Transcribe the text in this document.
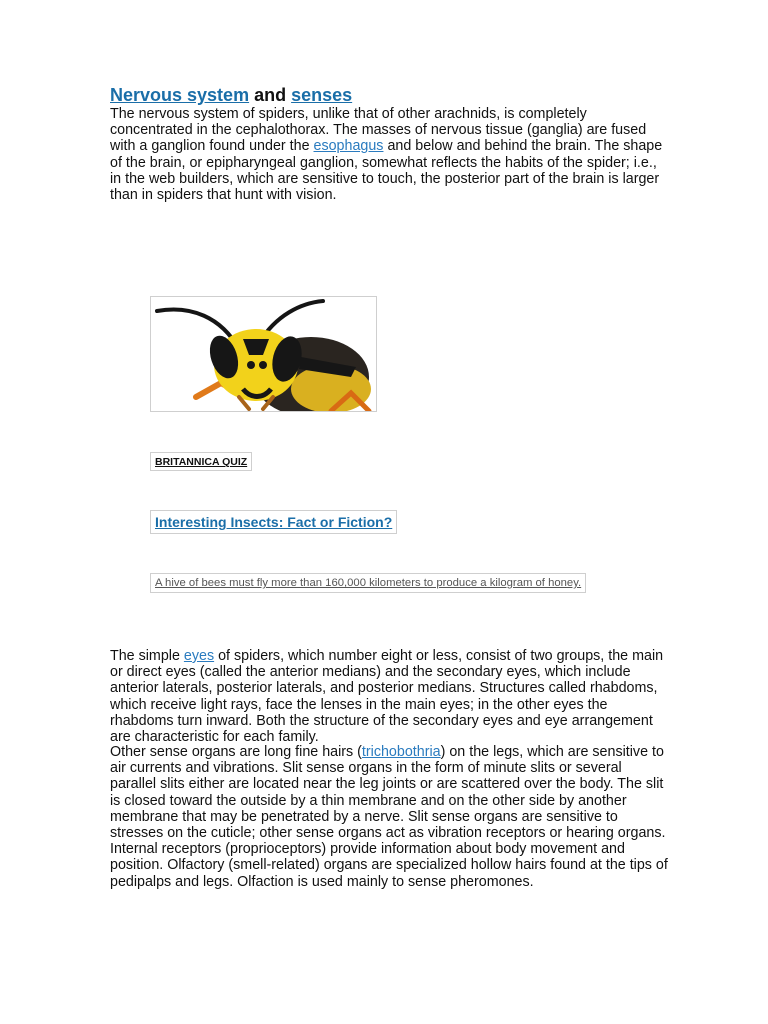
Nervous system and senses

The nervous system of spiders, unlike that of other arachnids, is completely concentrated in the cephalothorax. The masses of nervous tissue (ganglia) are fused with a ganglion found under the esophagus and below and behind the brain. The shape of the brain, or epipharyngeal ganglion, somewhat reflects the habits of the spider; i.e., in the web builders, which are sensitive to touch, the posterior part of the brain is larger than in spiders that hunt with vision.

BRITANNICA QUIZ
Interesting Insects: Fact or Fiction?
A hive of bees must fly more than 160,000 kilometers to produce a kilogram of honey.

The simple eyes of spiders, which number eight or less, consist of two groups, the main or direct eyes (called the anterior medians) and the secondary eyes, which include anterior laterals, posterior laterals, and posterior medians. Structures called rhabdoms, which receive light rays, face the lenses in the main eyes; in the other eyes the rhabdoms turn inward. Both the structure of the secondary eyes and eye arrangement are characteristic for each family.

Other sense organs are long fine hairs (trichobothria) on the legs, which are sensitive to air currents and vibrations. Slit sense organs in the form of minute slits or several parallel slits either are located near the leg joints or are scattered over the body. The slit is closed toward the outside by a thin membrane and on the other side by another membrane that may be penetrated by a nerve. Slit sense organs are sensitive to stresses on the cuticle; other sense organs act as vibration receptors or hearing organs. Internal receptors (proprioceptors) provide information about body movement and position. Olfactory (smell-related) organs are specialized hollow hairs found at the tips of pedipalps and legs. Olfaction is used mainly to sense pheromones.
